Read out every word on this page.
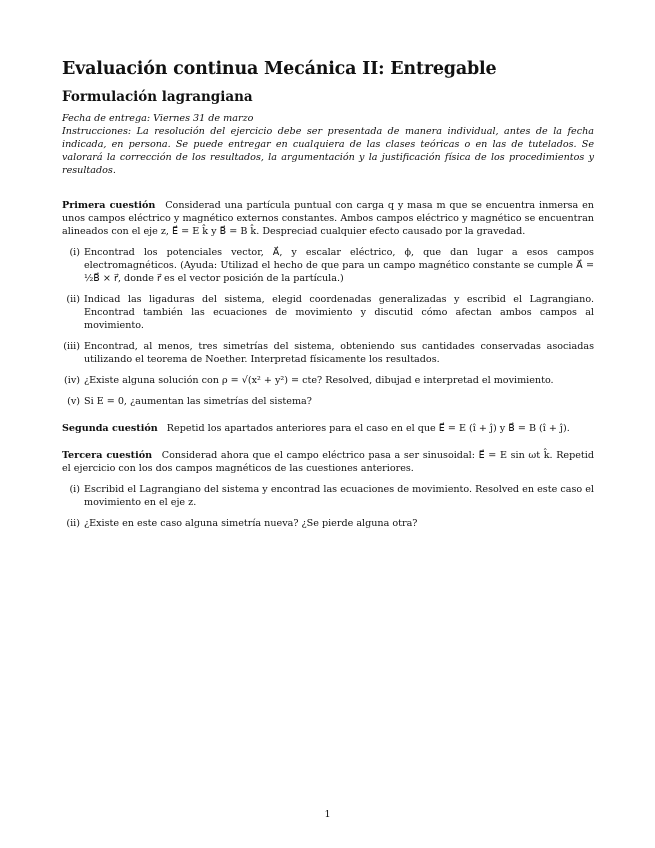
Evaluación continua Mecánica II: Entregable
Formulación lagrangiana
Fecha de entrega: Viernes 31 de marzo
Instrucciones: La resolución del ejercicio debe ser presentada de manera individual, antes de la fecha indicada, en persona. Se puede entregar en cualquiera de las clases teóricas o en las de tutelados. Se valorará la corrección de los resultados, la argumentación y la justificación física de los procedimientos y resultados.
Primera cuestión Considerad una partícula puntual con carga q y masa m que se encuentra inmersa en unos campos eléctrico y magnético externos constantes. Ambos campos eléctrico y magnético se encuentran alineados con el eje z, E⃗ = E k̂ y B⃗ = B k̂. Despreciad cualquier efecto causado por la gravedad.
(i) Encontrad los potenciales vector, A⃗, y escalar eléctrico, ϕ, que dan lugar a esos campos electromagnéticos. (Ayuda: Utilizad el hecho de que para un campo magnético constante se cumple A⃗ = ½B⃗ × r⃗, donde r⃗ es el vector posición de la partícula.)
(ii) Indicad las ligaduras del sistema, elegid coordenadas generalizadas y escribid el Lagrangiano. Encontrad también las ecuaciones de movimiento y discutid cómo afectan ambos campos al movimiento.
(iii) Encontrad, al menos, tres simetrías del sistema, obteniendo sus cantidades conservadas asociadas utilizando el teorema de Noether. Interpretad físicamente los resultados.
(iv) ¿Existe alguna solución con ρ = √(x² + y²) = cte? Resolved, dibujad e interpretad el movimiento.
(v) Si E = 0, ¿aumentan las simetrías del sistema?
Segunda cuestión Repetid los apartados anteriores para el caso en el que E⃗ = E (î + ĵ) y B⃗ = B (î + ĵ).
Tercera cuestión Considerad ahora que el campo eléctrico pasa a ser sinusoidal: E⃗ = E sin ωt k̂. Repetid el ejercicio con los dos campos magnéticos de las cuestiones anteriores.
(i) Escribid el Lagrangiano del sistema y encontrad las ecuaciones de movimiento. Resolved en este caso el movimiento en el eje z.
(ii) ¿Existe en este caso alguna simetría nueva? ¿Se pierde alguna otra?
1
